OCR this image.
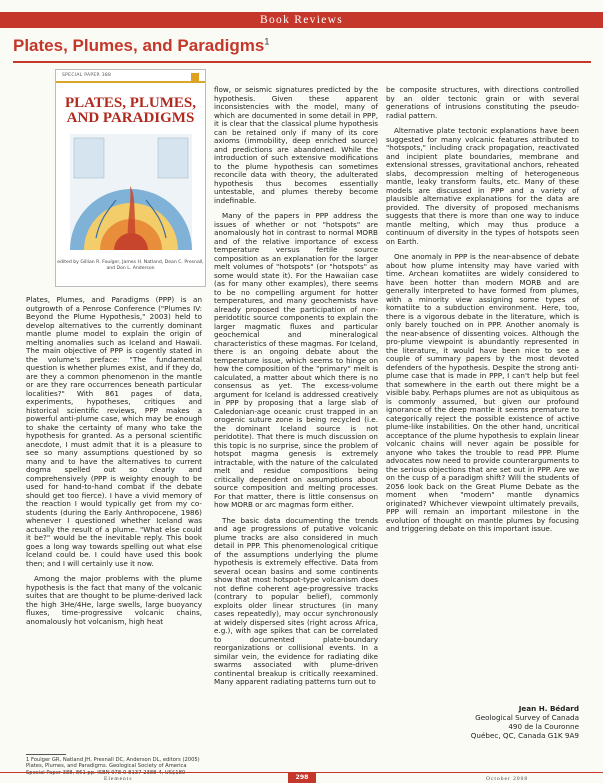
Book Reviews
Plates, Plumes, and Paradigms$^1$
SPECIAL PAPER 388
PLATES, PLUMES,
AND PARADIGMS
edited by Gillian R. Foulger, James H. Natland, Dean C. Presnall, and Don L. Anderson

Plates, Plumes, and Paradigms (PPP) is an outgrowth of a Penrose Conference ("Plumes IV: Beyond the Plume Hypothesis," 2003) held to develop alternatives to the currently dominant mantle plume model to explain the origin of melting anomalies such as Iceland and Hawaii. The main objective of PPP is cogently stated in the volume's preface: "The fundamental question is whether plumes exist, and if they do, are they a common phenomenon in the mantle or are they rare occurrences beneath particular localities?" With 861 pages of data, experiments, hypotheses, critiques and historical scientific reviews, PPP makes a powerful anti-plume case, which may be enough to shake the certainty of many who take the hypothesis for granted. As a personal scientific anecdote, I must admit that it is a pleasure to see so many assumptions questioned by so many and to have the alternatives to current dogma spelled out so clearly and comprehensively (PPP is weighty enough to be used for hand-to-hand combat if the debate should get too fierce). I have a vivid memory of the reaction I would typically get from my co-students (during the Early Anthropocene, 1986) whenever I questioned whether Iceland was actually the result of a plume. "What else could it be?" would be the inevitable reply. This book goes a long way towards spelling out what else Iceland could be. I could have used this book then; and I will certainly use it now.

Among the major problems with the plume hypothesis is the fact that many of the volcanic suites that are thought to be plume-derived lack the high 3He/4He, large swells, large buoyancy fluxes, time-progressive volcanic chains, anomalously hot volcanism, high heat

flow, or seismic signatures predicted by the hypothesis. Given these apparent inconsistencies with the model, many of which are documented in some detail in PPP, it is clear that the classical plume hypothesis can be retained only if many of its core axioms (immobility, deep enriched source) and predictions are abandoned. While the introduction of such extensive modifications to the plume hypothesis can sometimes reconcile data with theory, the adulterated hypothesis thus becomes essentially untestable, and plumes thereby become indefinable.

Many of the papers in PPP address the issues of whether or not "hotspots" are anomalously hot in contrast to normal MORB and of the relative importance of excess temperature versus fertile source composition as an explanation for the larger melt volumes of "hotspots" (or "hotspots" as some would state it). For the Hawaiian case (as for many other examples), there seems to be no compelling argument for hotter temperatures, and many geochemists have already proposed the participation of non-peridotitic source components to explain the larger magmatic fluxes and particular geochemical and mineralogical characteristics of these magmas. For Iceland, there is an ongoing debate about the temperature issue, which seems to hinge on how the composition of the "primary" melt is calculated, a matter about which there is no consensus as yet. The excess-volume argument for Iceland is addressed creatively in PPP by proposing that a large slab of Caledonian-age oceanic crust trapped in an orogenic suture zone is being recycled (i.e. the dominant Iceland source is not peridotite). That there is much discussion on this topic is no surprise, since the problem of hotspot magma genesis is extremely intractable, with the nature of the calculated melt and residue compositions being critically dependent on assumptions about source composition and melting processes. For that matter, there is little consensus on how MORB or arc magmas form either.

The basic data documenting the trends and age progressions of putative volcanic plume tracks are also considered in much detail in PPP. This phenomenological critique of the assumptions underlying the plume hypothesis is extremely effective. Data from several ocean basins and some continents show that most hotspot-type volcanism does not define coherent age-progressive tracks (contrary to popular belief), commonly exploits older linear structures (in many cases repeatedly), may occur synchronously at widely dispersed sites (right across Africa, e.g.), with age spikes that can be correlated to documented plate-boundary reorganizations or collisional events. In a similar vein, the evidence for radiating dike swarms associated with plume-driven continental breakup is critically reexamined. Many apparent radiating patterns turn out to

be composite structures, with directions controlled by an older tectonic grain or with several generations of intrusions constituting the pseudo-radial pattern.

Alternative plate tectonic explanations have been suggested for many volcanic features attributed to "hotspots," including crack propagation, reactivated and incipient plate boundaries, membrane and extensional stresses, gravitational anchors, reheated slabs, decompression melting of heterogeneous mantle, leaky transform faults, etc. Many of these models are discussed in PPP and a variety of plausible alternative explanations for the data are provided. The diversity of proposed mechanisms suggests that there is more than one way to induce mantle melting, which may thus produce a continuum of diversity in the types of hotspots seen on Earth.

One anomaly in PPP is the near-absence of debate about how plume intensity may have varied with time. Archean komatiites are widely considered to have been hotter than modern MORB and are generally interpreted to have formed from plumes, with a minority view assigning some types of komatiite to a subduction environment. Here, too, there is a vigorous debate in the literature, which is only barely touched on in PPP. Another anomaly is the near-absence of dissenting voices. Although the pro-plume viewpoint is abundantly represented in the literature, it would have been nice to see a couple of summary papers by the most devoted defenders of the hypothesis. Despite the strong anti-plume case that is made in PPP, I can't help but feel that somewhere in the earth out there might be a visible baby. Perhaps plumes are not as ubiquitous as is commonly assumed, but given our profound ignorance of the deep mantle it seems premature to categorically reject the possible existence of active plume-like instabilities. On the other hand, uncritical acceptance of the plume hypothesis to explain linear volcanic chains will never again be possible for anyone who takes the trouble to read PPP. Plume advocates now need to provide counterarguments to the serious objections that are set out in PPP. Are we on the cusp of a paradigm shift? Will the students of 2056 look back on the Great Plume Debate as the moment when "modern" mantle dynamics originated? Whichever viewpoint ultimately prevails, PPP will remain an important milestone in the evolution of thought on mantle plumes by focusing and triggering debate on this important issue.

Jean H. Bédard
Geological Survey of Canada
490 de la Couronne
Québec, QC, Canada G1K 9A9
1 Foulger GR, Natland JH, Presnall DC, Anderson DL, editors (2005) Plates, Plumes, and Paradigms. Geological Society of America
Elements	298	October 2008
